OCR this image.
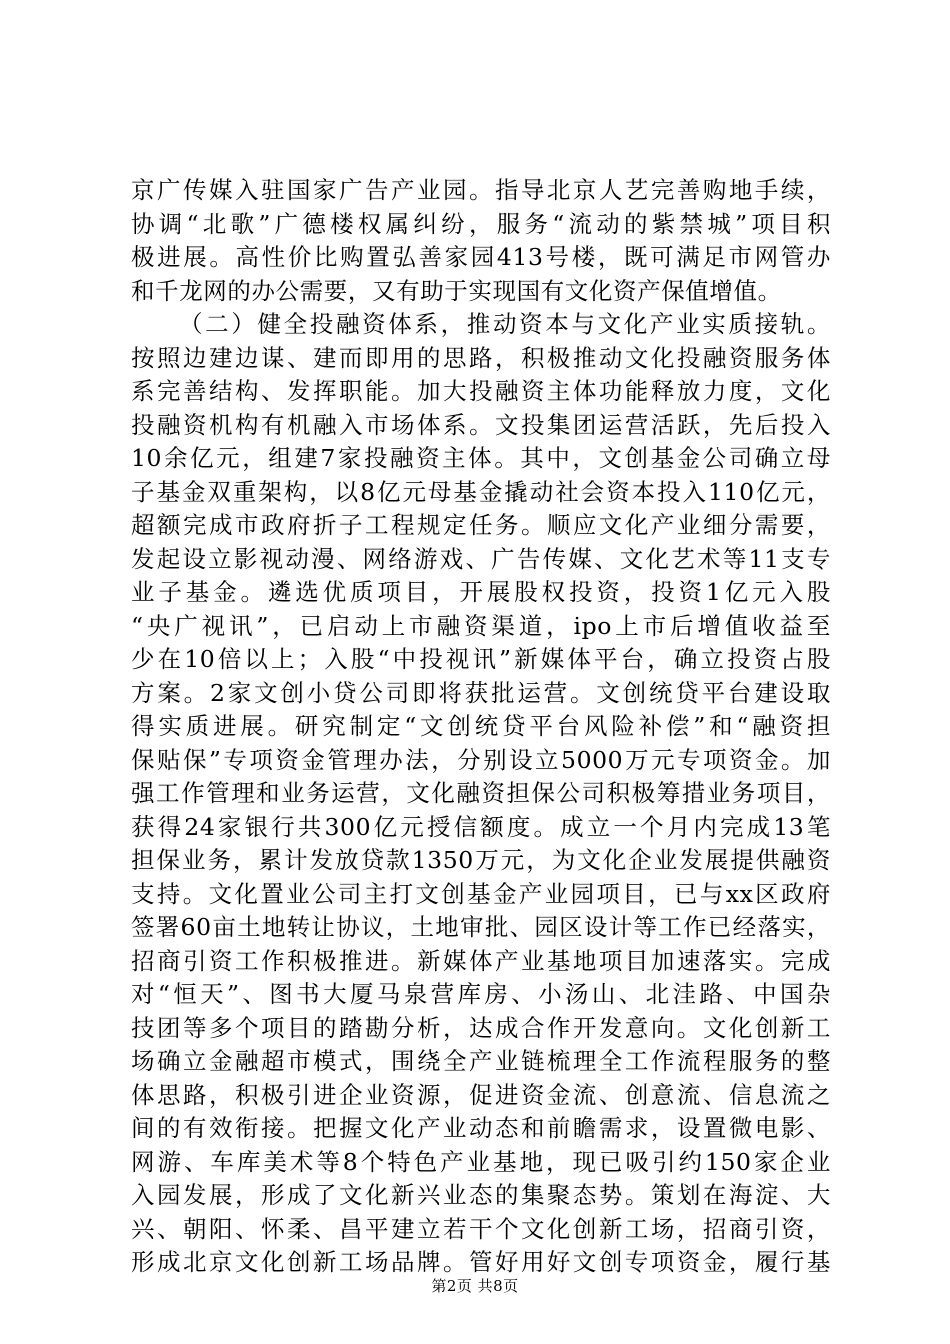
京广传媒入驻国家广告产业园。指导北京人艺完善购地手续，
协调“北歌”广德楼权属纠纷，服务“流动的紫禁城”项目积
极进展。高性价比购置弘善家园413号楼，既可满足市网管办
和千龙网的办公需要，又有助于实现国有文化资产保值增值。
（二）健全投融资体系，推动资本与文化产业实质接轨。
按照边建边谋、建而即用的思路，积极推动文化投融资服务体
系完善结构、发挥职能。加大投融资主体功能释放力度，文化
投融资机构有机融入市场体系。文投集团运营活跃，先后投入
10余亿元，组建7家投融资主体。其中，文创基金公司确立母
子基金双重架构，以8亿元母基金撬动社会资本投入110亿元，
超额完成市政府折子工程规定任务。顺应文化产业细分需要，
发起设立影视动漫、网络游戏、广告传媒、文化艺术等11支专
业子基金。遴选优质项目，开展股权投资，投资1亿元入股
“央广视讯”，已启动上市融资渠道，ipo上市后增值收益至
少在10倍以上；入股“中投视讯”新媒体平台，确立投资占股
方案。2家文创小贷公司即将获批运营。文创统贷平台建设取
得实质进展。研究制定“文创统贷平台风险补偿”和“融资担
保贴保”专项资金管理办法，分别设立5000万元专项资金。加
强工作管理和业务运营，文化融资担保公司积极筹措业务项目，
获得24家银行共300亿元授信额度。成立一个月内完成13笔
担保业务，累计发放贷款1350万元，为文化企业发展提供融资
支持。文化置业公司主打文创基金产业园项目，已与xx区政府
签署60亩土地转让协议，土地审批、园区设计等工作已经落实，
招商引资工作积极推进。新媒体产业基地项目加速落实。完成
对“恒天”、图书大厦马泉营库房、小汤山、北洼路、中国杂
技团等多个项目的踏勘分析，达成合作开发意向。文化创新工
场确立金融超市模式，围绕全产业链梳理全工作流程服务的整
体思路，积极引进企业资源，促进资金流、创意流、信息流之
间的有效衔接。把握文化产业动态和前瞻需求，设置微电影、
网游、车库美术等8个特色产业基地，现已吸引约150家企业
入园发展，形成了文化新兴业态的集聚态势。策划在海淀、大
兴、朝阳、怀柔、昌平建立若干个文化创新工场，招商引资，
形成北京文化创新工场品牌。管好用好文创专项资金，履行基
第2页 共8页
